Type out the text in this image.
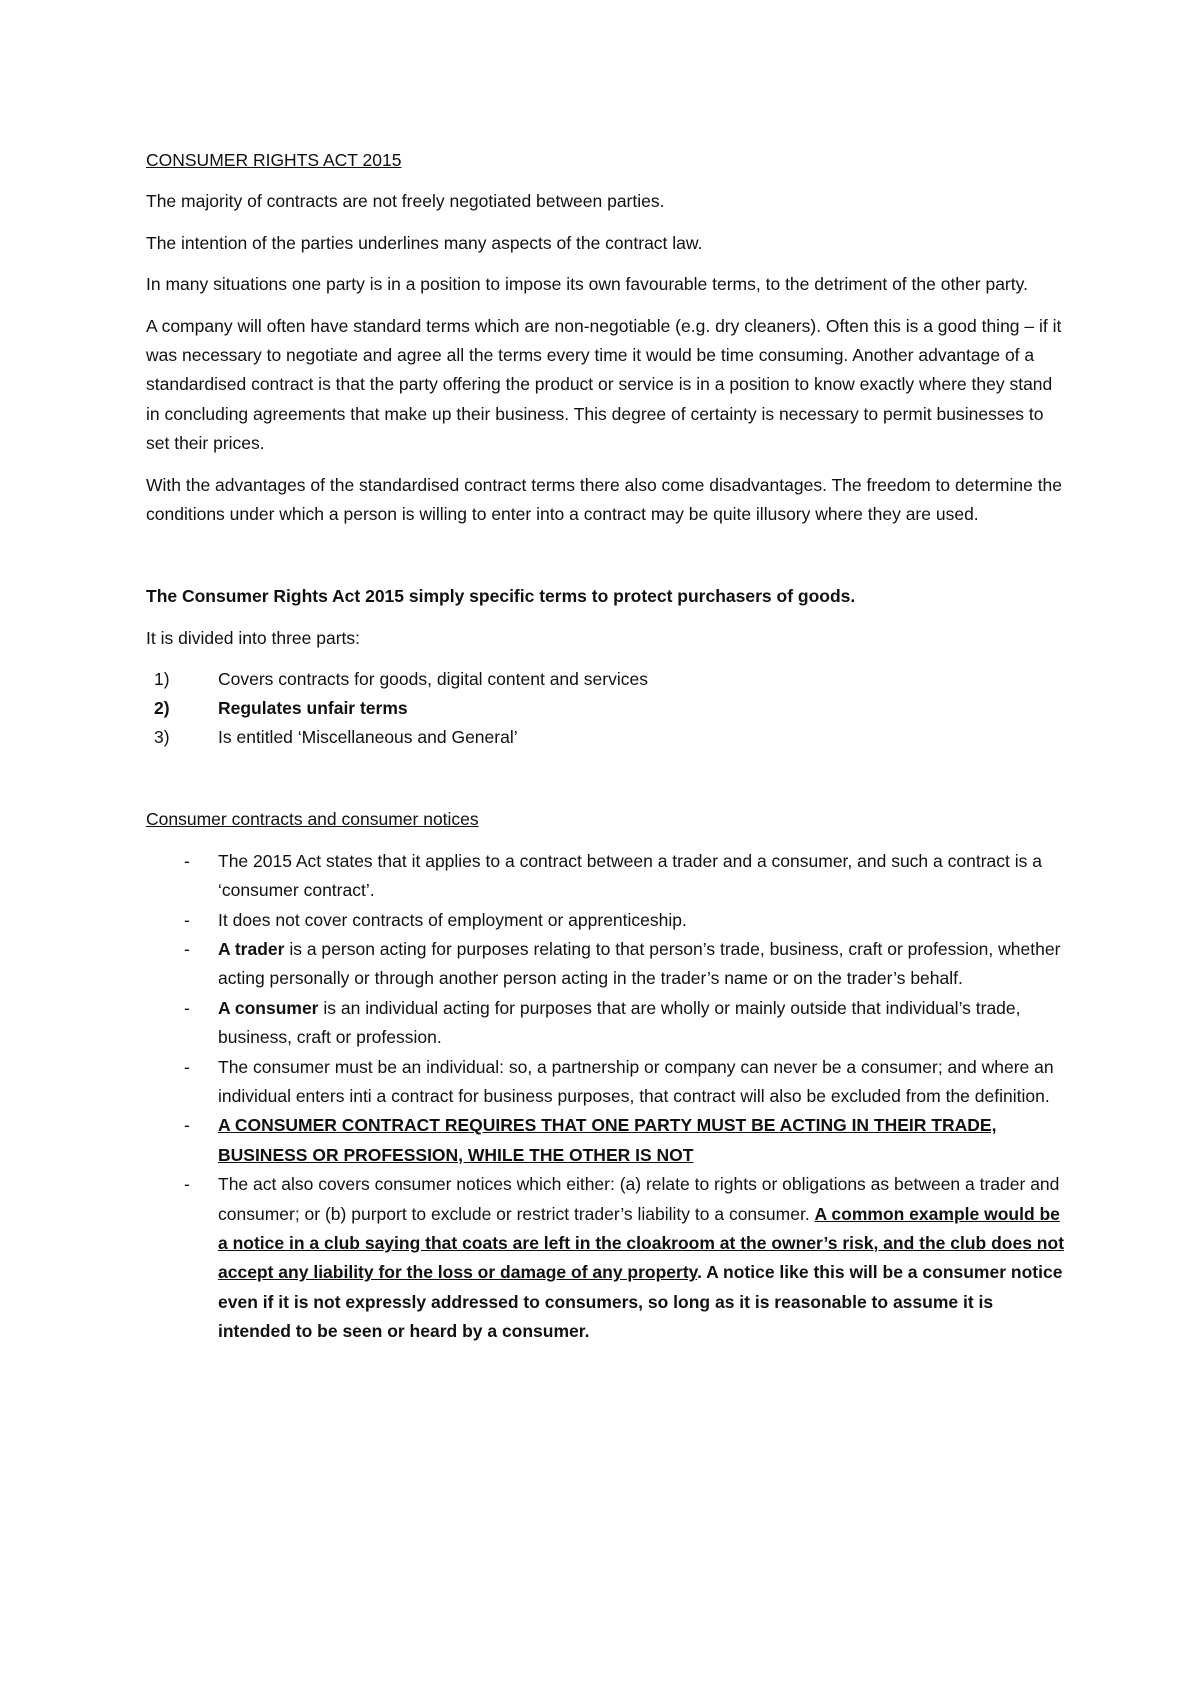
CONSUMER RIGHTS ACT 2015

The majority of contracts are not freely negotiated between parties.

The intention of the parties underlines many aspects of the contract law.

In many situations one party is in a position to impose its own favourable terms, to the detriment of the other party.

A company will often have standard terms which are non-negotiable (e.g. dry cleaners). Often this is a good thing – if it was necessary to negotiate and agree all the terms every time it would be time consuming. Another advantage of a standardised contract is that the party offering the product or service is in a position to know exactly where they stand in concluding agreements that make up their business. This degree of certainty is necessary to permit businesses to set their prices.

With the advantages of the standardised contract terms there also come disadvantages. The freedom to determine the conditions under which a person is willing to enter into a contract may be quite illusory where they are used.

The Consumer Rights Act 2015 simply specific terms to protect purchasers of goods.

It is divided into three parts:

1)	Covers contracts for goods, digital content and services
2)	Regulates unfair terms
3)	Is entitled ‘Miscellaneous and General’

Consumer contracts and consumer notices

- The 2015 Act states that it applies to a contract between a trader and a consumer, and such a contract is a ‘consumer contract’.
- It does not cover contracts of employment or apprenticeship.
- A trader is a person acting for purposes relating to that person’s trade, business, craft or profession, whether acting personally or through another person acting in the trader’s name or on the trader’s behalf.
- A consumer is an individual acting for purposes that are wholly or mainly outside that individual’s trade, business, craft or profession.
- The consumer must be an individual: so, a partnership or company can never be a consumer; and where an individual enters inti a contract for business purposes, that contract will also be excluded from the definition.
- A CONSUMER CONTRACT REQUIRES THAT ONE PARTY MUST BE ACTING IN THEIR TRADE, BUSINESS OR PROFESSION, WHILE THE OTHER IS NOT
- The act also covers consumer notices which either: (a) relate to rights or obligations as between a trader and consumer; or (b) purport to exclude or restrict trader’s liability to a consumer. A common example would be a notice in a club saying that coats are left in the cloakroom at the owner’s risk, and the club does not accept any liability for the loss or damage of any property. A notice like this will be a consumer notice even if it is not expressly addressed to consumers, so long as it is reasonable to assume it is intended to be seen or heard by a consumer.
